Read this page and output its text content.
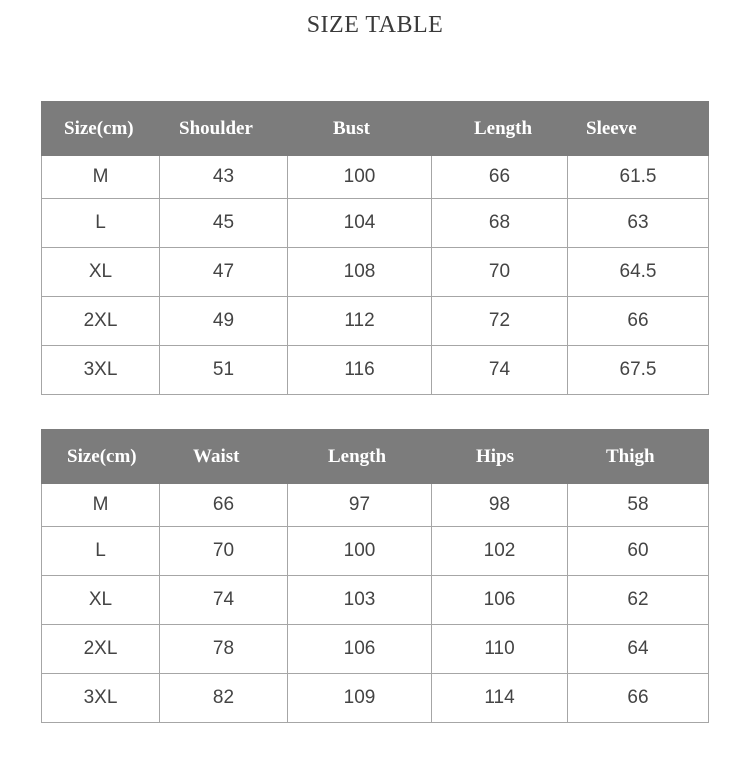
SIZE TABLE
Size(cm)	Shoulder	Bust	Length	Sleeve

M	43	100	66	61.5
L	45	104	68	63
XL	47	108	70	64.5
2XL	49	112	72	66
3XL	51	116	74	67.5
Size(cm)	Waist	Length	Hips	Thigh

M	66	97	98	58
L	70	100	102	60
XL	74	103	106	62
2XL	78	106	110	64
3XL	82	109	114	66
